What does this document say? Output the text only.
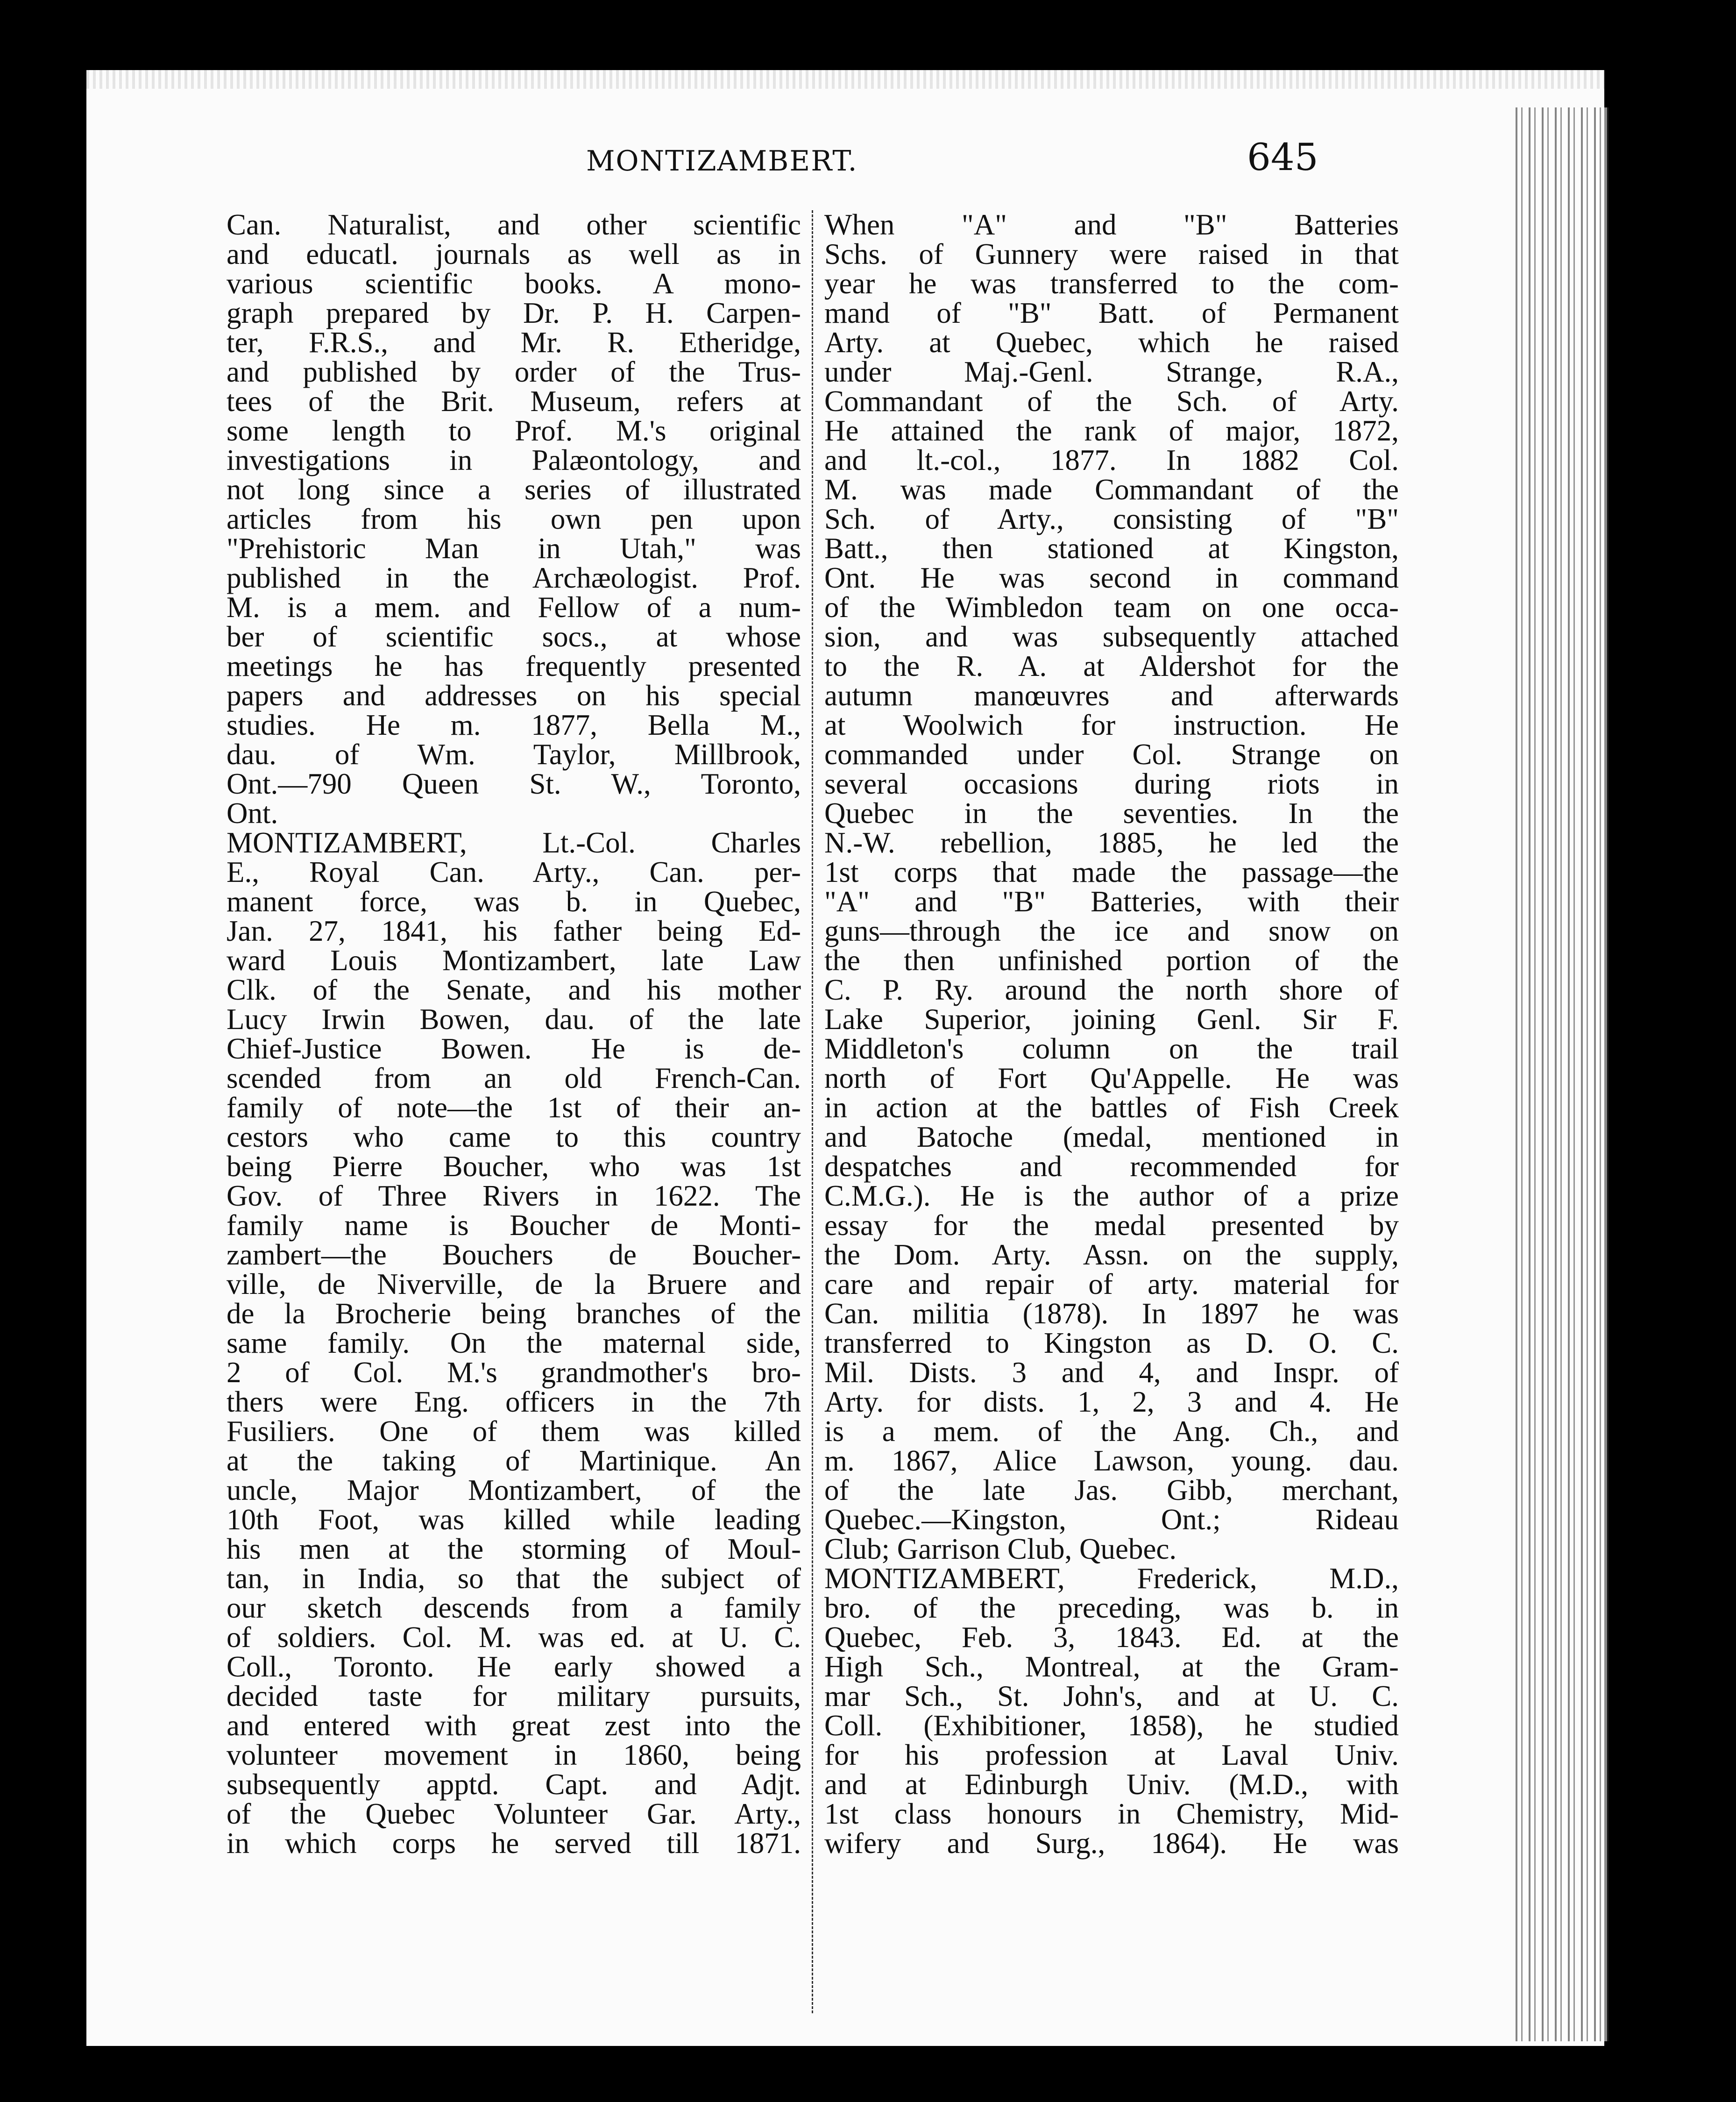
MONTIZAMBERT.	645
Can. Naturalist, and other scientific
and educatl. journals as well as in
various scientific books. A mono-
graph prepared by Dr. P. H. Carpen-
ter, F.R.S., and Mr. R. Etheridge,
and published by order of the Trus-
tees of the Brit. Museum, refers at
some length to Prof. M.'s original
investigations in Palæontology, and
not long since a series of illustrated
articles from his own pen upon
"Prehistoric Man in Utah," was
published in the Archæologist. Prof.
M. is a mem. and Fellow of a num-
ber of scientific socs., at whose
meetings he has frequently presented
papers and addresses on his special
studies. He m. 1877, Bella M.,
dau. of Wm. Taylor, Millbrook,
Ont.—790 Queen St. W., Toronto,
Ont.
MONTIZAMBERT, Lt.-Col. Charles
E., Royal Can. Arty., Can. per-
manent force, was b. in Quebec,
Jan. 27, 1841, his father being Ed-
ward Louis Montizambert, late Law
Clk. of the Senate, and his mother
Lucy Irwin Bowen, dau. of the late
Chief-Justice Bowen. He is de-
scended from an old French-Can.
family of note—the 1st of their an-
cestors who came to this country
being Pierre Boucher, who was 1st
Gov. of Three Rivers in 1622. The
family name is Boucher de Monti-
zambert—the Bouchers de Boucher-
ville, de Niverville, de la Bruere and
de la Brocherie being branches of the
same family. On the maternal side,
2 of Col. M.'s grandmother's bro-
thers were Eng. officers in the 7th
Fusiliers. One of them was killed
at the taking of Martinique. An
uncle, Major Montizambert, of the
10th Foot, was killed while leading
his men at the storming of Moul-
tan, in India, so that the subject of
our sketch descends from a family
of soldiers. Col. M. was ed. at U. C.
Coll., Toronto. He early showed a
decided taste for military pursuits,
and entered with great zest into the
volunteer movement in 1860, being
subsequently apptd. Capt. and Adjt.
of the Quebec Volunteer Gar. Arty.,
in which corps he served till 1871.
When "A" and "B" Batteries
Schs. of Gunnery were raised in that
year he was transferred to the com-
mand of "B" Batt. of Permanent
Arty. at Quebec, which he raised
under Maj.-Genl. Strange, R.A.,
Commandant of the Sch. of Arty.
He attained the rank of major, 1872,
and lt.-col., 1877. In 1882 Col.
M. was made Commandant of the
Sch. of Arty., consisting of "B"
Batt., then stationed at Kingston,
Ont. He was second in command
of the Wimbledon team on one occa-
sion, and was subsequently attached
to the R. A. at Aldershot for the
autumn manœuvres and afterwards
at Woolwich for instruction. He
commanded under Col. Strange on
several occasions during riots in
Quebec in the seventies. In the
N.-W. rebellion, 1885, he led the
1st corps that made the passage—the
"A" and "B" Batteries, with their
guns—through the ice and snow on
the then unfinished portion of the
C. P. Ry. around the north shore of
Lake Superior, joining Genl. Sir F.
Middleton's column on the trail
north of Fort Qu'Appelle. He was
in action at the battles of Fish Creek
and Batoche (medal, mentioned in
despatches and recommended for
C.M.G.). He is the author of a prize
essay for the medal presented by
the Dom. Arty. Assn. on the supply,
care and repair of arty. material for
Can. militia (1878). In 1897 he was
transferred to Kingston as D. O. C.
Mil. Dists. 3 and 4, and Inspr. of
Arty. for dists. 1, 2, 3 and 4. He
is a mem. of the Ang. Ch., and
m. 1867, Alice Lawson, young. dau.
of the late Jas. Gibb, merchant,
Quebec.—Kingston, Ont.; Rideau
Club; Garrison Club, Quebec.
MONTIZAMBERT, Frederick, M.D.,
bro. of the preceding, was b. in
Quebec, Feb. 3, 1843. Ed. at the
High Sch., Montreal, at the Gram-
mar Sch., St. John's, and at U. C.
Coll. (Exhibitioner, 1858), he studied
for his profession at Laval Univ.
and at Edinburgh Univ. (M.D., with
1st class honours in Chemistry, Mid-
wifery and Surg., 1864). He was
